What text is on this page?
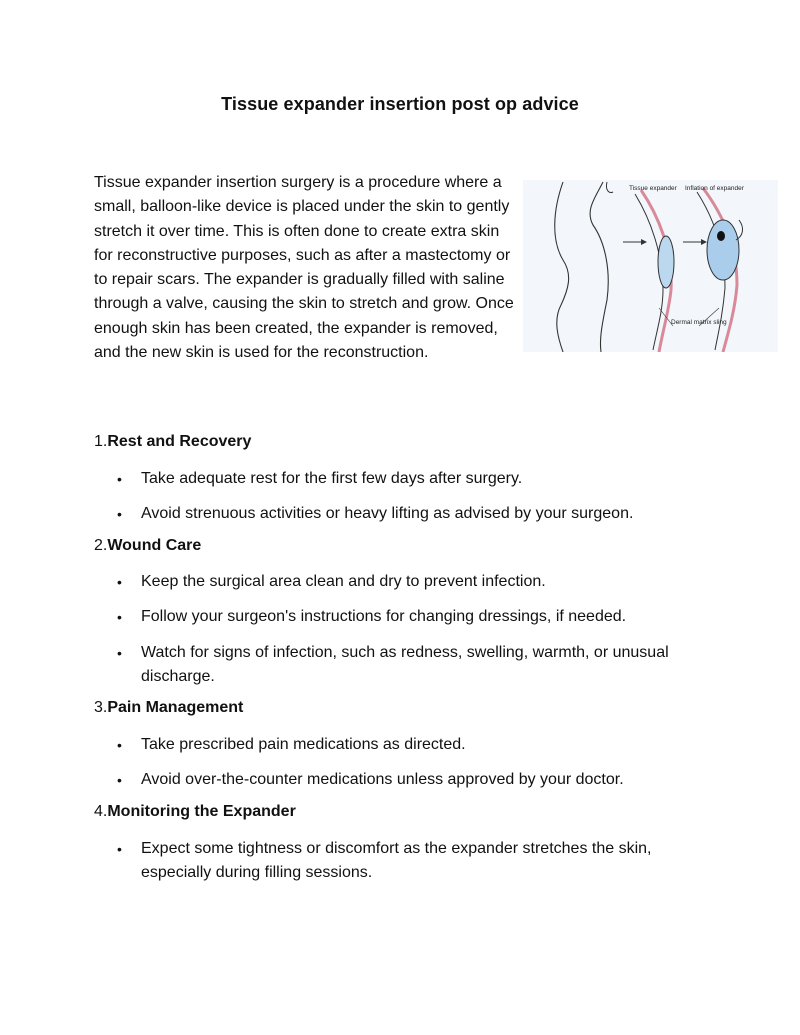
Tissue expander insertion post op advice

Tissue expander insertion surgery is a procedure where a small, balloon-like device is placed under the skin to gently stretch it over time. This is often done to create extra skin for reconstructive purposes, such as after a mastectomy or to repair scars. The expander is gradually filled with saline through a valve, causing the skin to stretch and grow. Once enough skin has been created, the expander is removed, and the new skin is used for the reconstruction.

Tissue expander Inflation of expander
Dermal matrix sling
1.Rest and Recovery
• Take adequate rest for the first few days after surgery.
• Avoid strenuous activities or heavy lifting as advised by your surgeon.
2.Wound Care
• Keep the surgical area clean and dry to prevent infection.
• Follow your surgeon's instructions for changing dressings, if needed.
• Watch for signs of infection, such as redness, swelling, warmth, or unusual discharge.
3.Pain Management
• Take prescribed pain medications as directed.
• Avoid over-the-counter medications unless approved by your doctor.
4.Monitoring the Expander
• Expect some tightness or discomfort as the expander stretches the skin, especially during filling sessions.
